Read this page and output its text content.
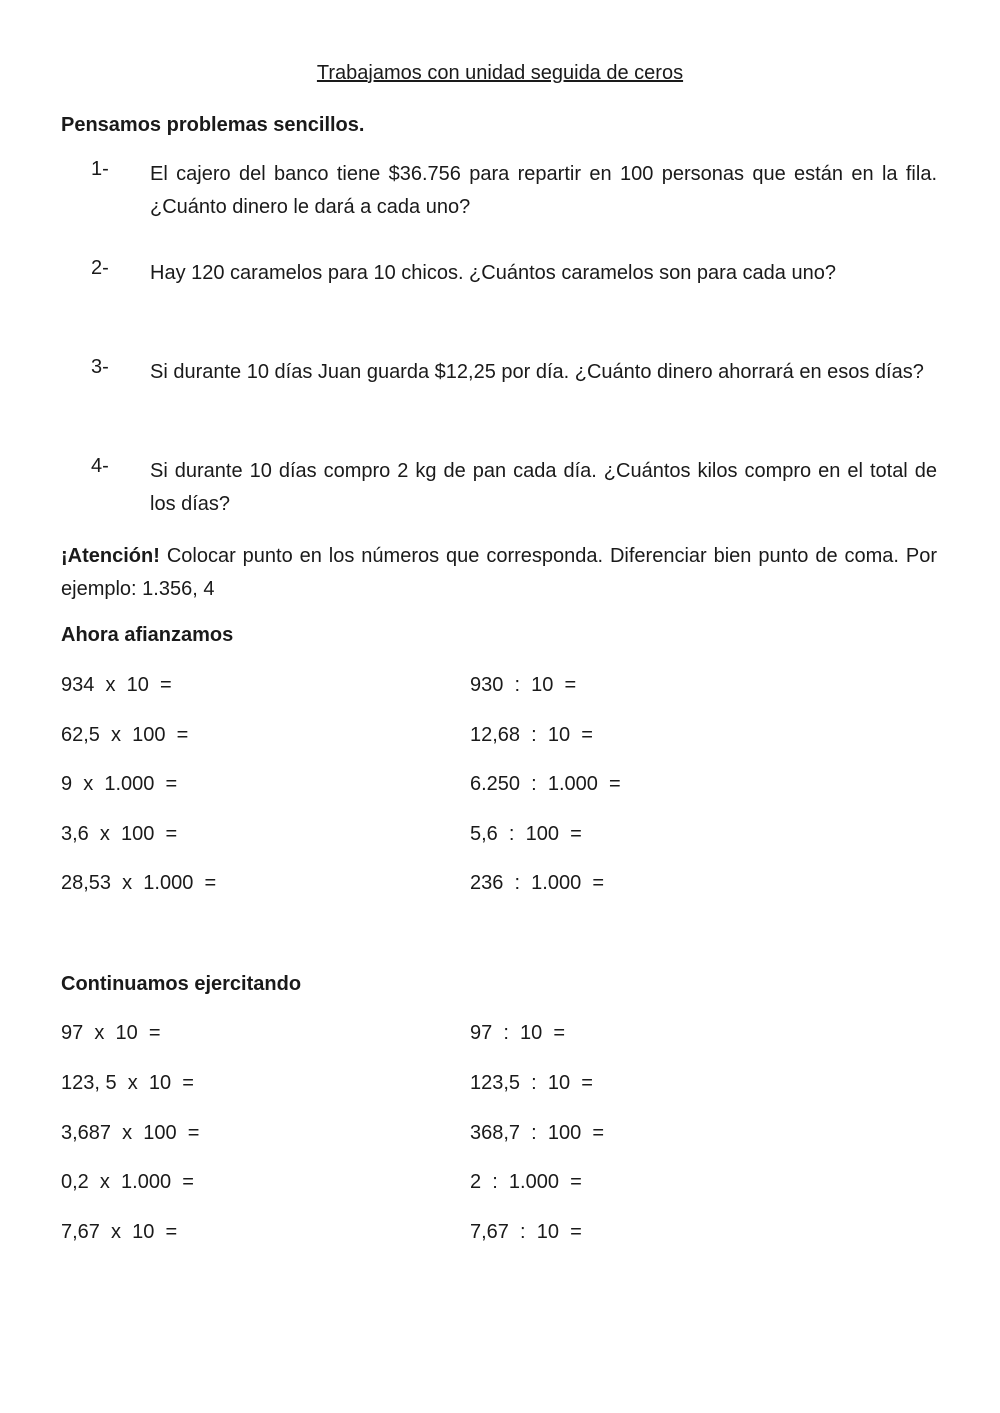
Trabajamos con unidad seguida de ceros
Pensamos problemas sencillos.
1- El cajero del banco tiene $36.756 para repartir en 100 personas que están en la fila. ¿Cuánto dinero le dará a cada uno?
2- Hay 120 caramelos para 10 chicos. ¿Cuántos caramelos son para cada uno?
3- Si durante 10 días Juan guarda $12,25 por día. ¿Cuánto dinero ahorrará en esos días?
4- Si durante 10 días compro 2 kg de pan cada día. ¿Cuántos kilos compro en el total de los días?
¡Atención! Colocar punto en los números que corresponda. Diferenciar bien punto de coma. Por ejemplo: 1.356, 4
Ahora afianzamos
934  x  10  =	930  :  10  =
62,5  x  100  =	12,68  :  10  =
9  x  1.000  =	6.250  :  1.000  =
3,6  x  100  =	5,6  :  100  =
28,53  x  1.000  =	236  :  1.000  =
Continuamos ejercitando
97  x  10  =	97  :  10  =
123, 5  x  10  =	123,5  :  10  =
3,687  x  100  =	368,7  :  100  =
0,2  x  1.000  =	2  :  1.000  =
7,67  x  10  =	7,67  :  10  =
